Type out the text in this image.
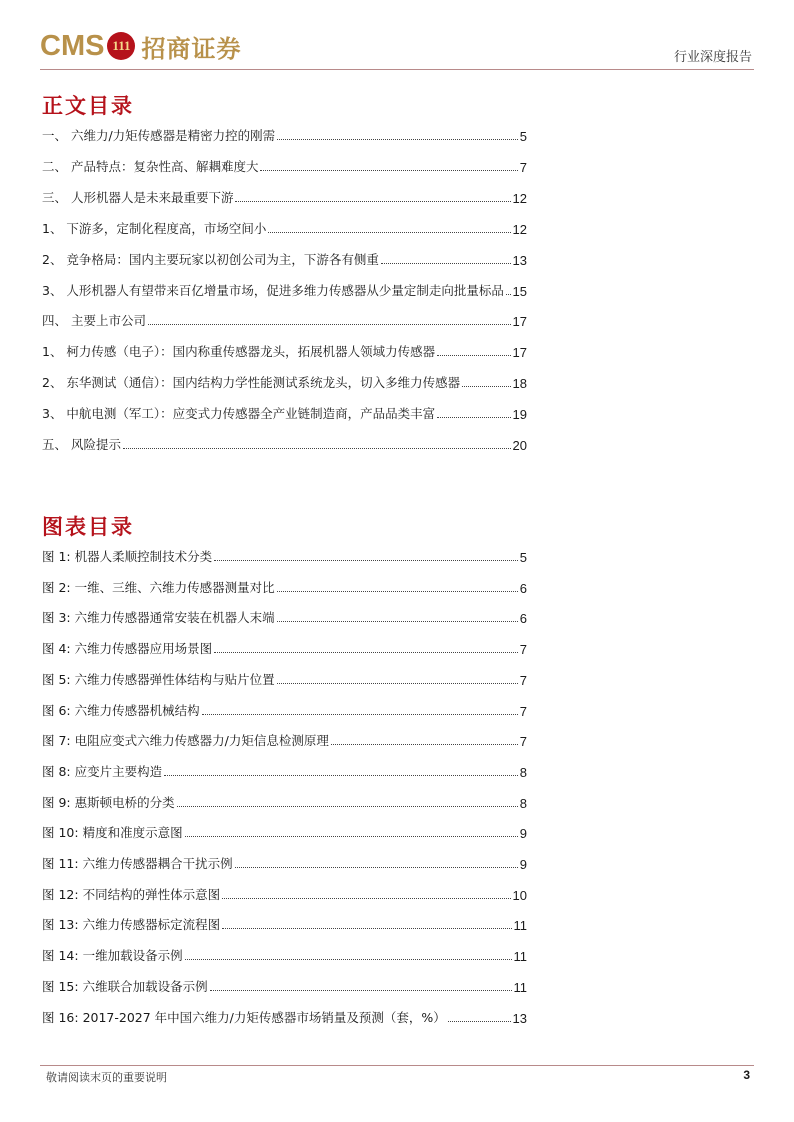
CMS 111 招商证券	行业深度报告
正文目录
一、 六维力/力矩传感器是精密力控的刚需	5
二、 产品特点：复杂性高、解耦难度大	7
三、 人形机器人是未来最重要下游	12
1、 下游多，定制化程度高，市场空间小	12
2、 竞争格局：国内主要玩家以初创公司为主，下游各有侧重	13
3、 人形机器人有望带来百亿增量市场，促进多维力传感器从少量定制走向批量标品 15
四、 主要上市公司	17
1、 柯力传感（电子）：国内称重传感器龙头，拓展机器人领域力传感器	17
2、 东华测试（通信）：国内结构力学性能测试系统龙头，切入多维力传感器	18
3、 中航电测（军工）：应变式力传感器全产业链制造商，产品品类丰富	19
五、 风险提示	20
图表目录
图 1: 机器人柔顺控制技术分类	5
图 2: 一维、三维、六维力传感器测量对比	6
图 3: 六维力传感器通常安装在机器人末端	6
图 4: 六维力传感器应用场景图	7
图 5: 六维力传感器弹性体结构与贴片位置	7
图 6: 六维力传感器机械结构	7
图 7: 电阻应变式六维力传感器力/力矩信息检测原理	7
图 8: 应变片主要构造	8
图 9: 惠斯顿电桥的分类	8
图 10: 精度和准度示意图	9
图 11: 六维力传感器耦合干扰示例	9
图 12: 不同结构的弹性体示意图	10
图 13: 六维力传感器标定流程图	11
图 14: 一维加载设备示例	11
图 15: 六维联合加载设备示例	11
图 16: 2017-2027 年中国六维力/力矩传感器市场销量及预测（套，%）	13
敬请阅读末页的重要说明	3
